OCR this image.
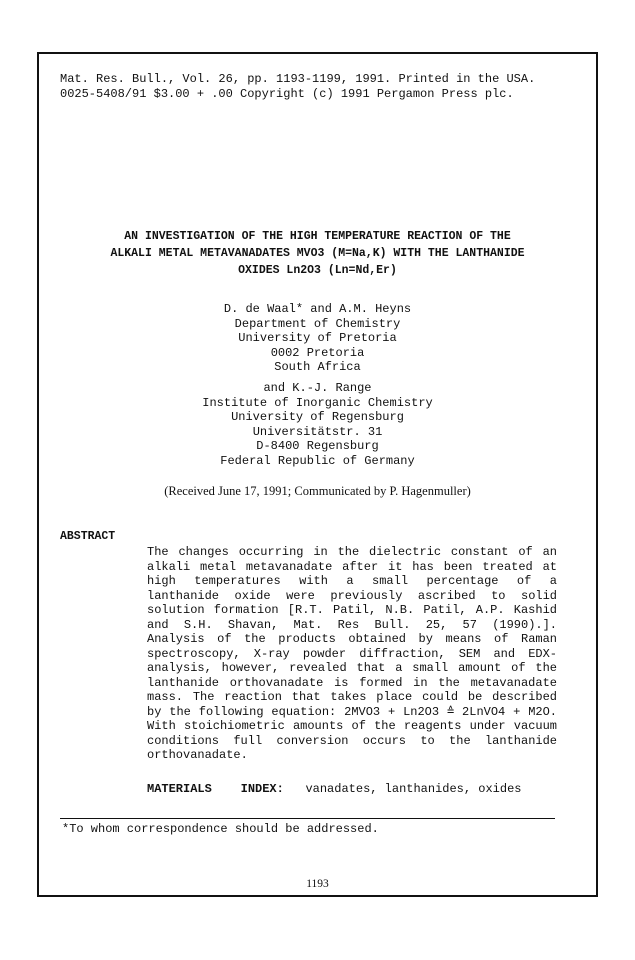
Mat. Res. Bull., Vol. 26, pp. 1193-1199, 1991. Printed in the USA.
0025-5408/91 $3.00 + .00 Copyright (c) 1991 Pergamon Press plc.
AN INVESTIGATION OF THE HIGH TEMPERATURE REACTION OF THE
ALKALI METAL METAVANADATES MVO3 (M=Na,K) WITH THE LANTHANIDE
OXIDES Ln2O3 (Ln=Nd,Er)
D. de Waal* and A.M. Heyns
Department of Chemistry
University of Pretoria
0002 Pretoria
South Africa
and K.-J. Range
Institute of Inorganic Chemistry
University of Regensburg
Universitätstr. 31
D-8400 Regensburg
Federal Republic of Germany
(Received June 17, 1991; Communicated by P. Hagenmuller)
ABSTRACT

The changes occurring in the dielectric constant of an alkali metal metavanadate after it has been treated at high temperatures with a small percentage of a lanthanide oxide were previously ascribed to solid solution formation [R.T. Patil, N.B. Patil, A.P. Kashid and S.H. Shavan, Mat. Res Bull. 25, 57 (1990).]. Analysis of the products obtained by means of Raman spectroscopy, X-ray powder diffraction, SEM and EDX-analysis, however, revealed that a small amount of the lanthanide orthovanadate is formed in the metavanadate mass. The reaction that takes place could be described by the following equation: 2MVO3 + Ln2O3 ≙ 2LnVO4 + M2O. With stoichiometric amounts of the reagents under vacuum conditions full conversion occurs to the lanthanide orthovanadate.

MATERIALS INDEX: vanadates, lanthanides, oxides
*To whom correspondence should be addressed.
1193
